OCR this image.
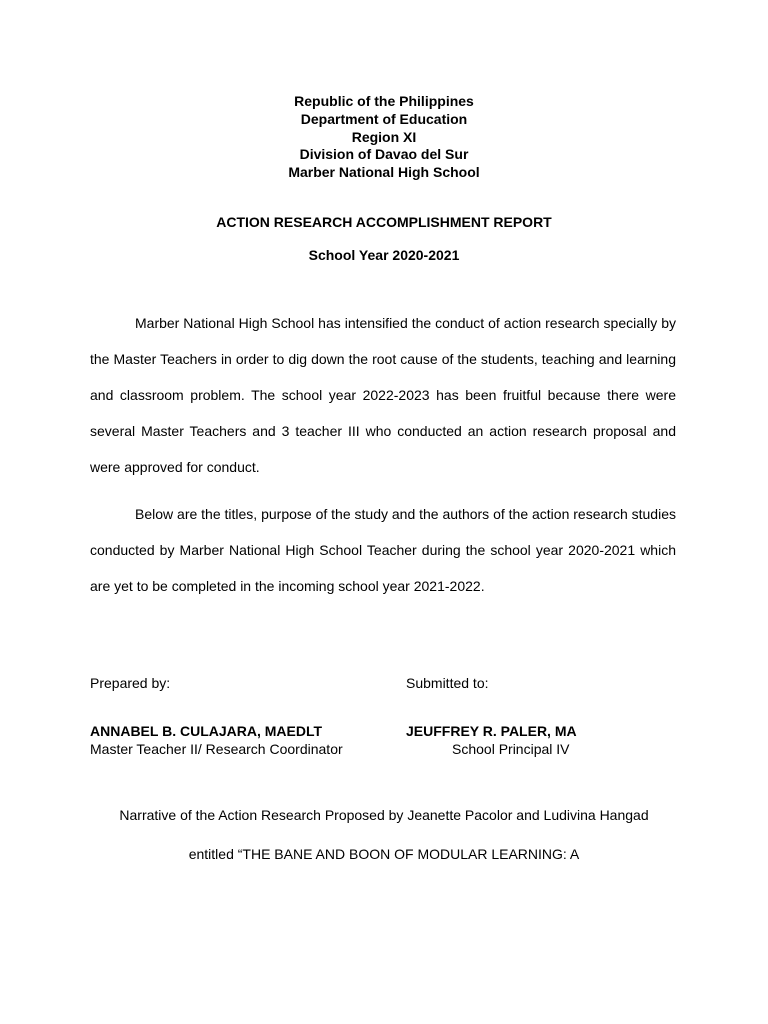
Republic of the Philippines
Department of Education
Region XI
Division of Davao del Sur
Marber National High School
ACTION RESEARCH ACCOMPLISHMENT REPORT
School Year 2020-2021

Marber National High School has intensified the conduct of action research specially by the Master Teachers in order to dig down the root cause of the students, teaching and learning and classroom problem. The school year 2022-2023 has been fruitful because there were several Master Teachers and 3 teacher III who conducted an action research proposal and were approved for conduct.

Below are the titles, purpose of the study and the authors of the action research studies conducted by Marber National High School Teacher during the school year 2020-2021 which are yet to be completed in the incoming school year 2021-2022.

Prepared by:	Submitted to:
ANNABEL B. CULAJARA, MAEDLT	JEUFFREY R. PALER, MA
Master Teacher II/ Research Coordinator	School Principal IV
Narrative of the Action Research Proposed by Jeanette Pacolor and Ludivina Hangad
entitled “THE BANE AND BOON OF MODULAR LEARNING: A
